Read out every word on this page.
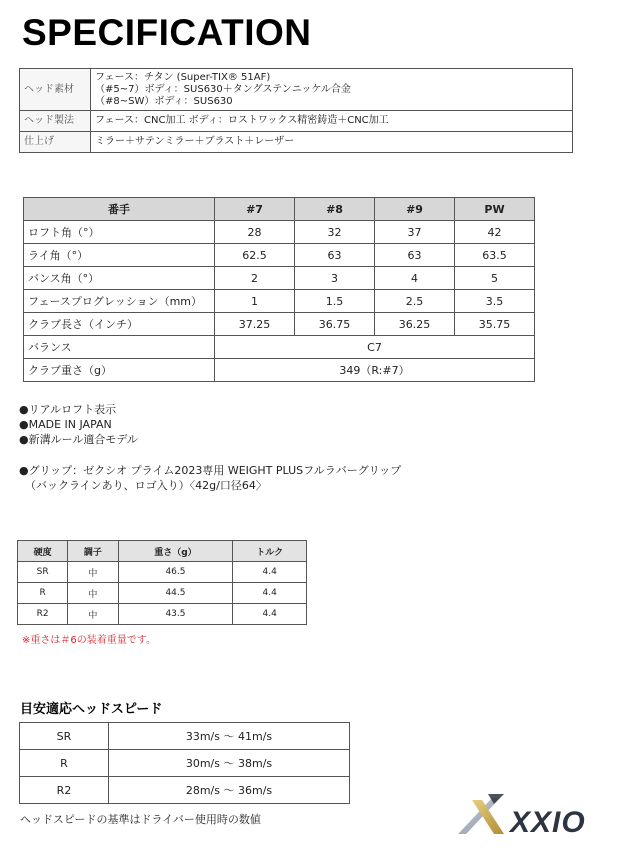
SPECIFICATION
ヘッド素材	フェース：チタン (Super-TIX® 51AF)
（#5~7）ボディ：SUS630＋タングステンニッケル合金
（#8~SW）ボディ：SUS630

ヘッド製法	フェース：CNC加工 ボディ：ロストワックス精密鋳造＋CNC加工
仕上げ	ミラー＋サテンミラー＋ブラスト＋レーザー
番手	#7	#8	#9	PW
ロフト角（°）	28	32	37	42
ライ角（°）	62.5	63	63	63.5
バンス角（°）	2	3	4	5
フェースプログレッション（mm）	1	1.5	2.5	3.5
クラブ長さ（インチ）	37.25	36.75	36.25	35.75
バランス	C7			
クラブ重さ（g）	349（R:#7）			
●リアルロフト表示
●MADE IN JAPAN
●新溝ルール適合モデル
●グリップ：ゼクシオ プライム2023専用 WEIGHT PLUSフルラバーグリップ
（バックラインあり、ロゴ入り）〈42g/口径64〉
硬度	調子	重さ（g）	トルク
SR	中	46.5	4.4
R	中	44.5	4.4
R2	中	43.5	4.4
※重さは＃6の装着重量です。
目安適応ヘッドスピード
SR	33m/s 〜 41m/s
R	30m/s 〜 38m/s
R2	28m/s 〜 36m/s
ヘッドスピードの基準はドライバー使用時の数値	XXIO
